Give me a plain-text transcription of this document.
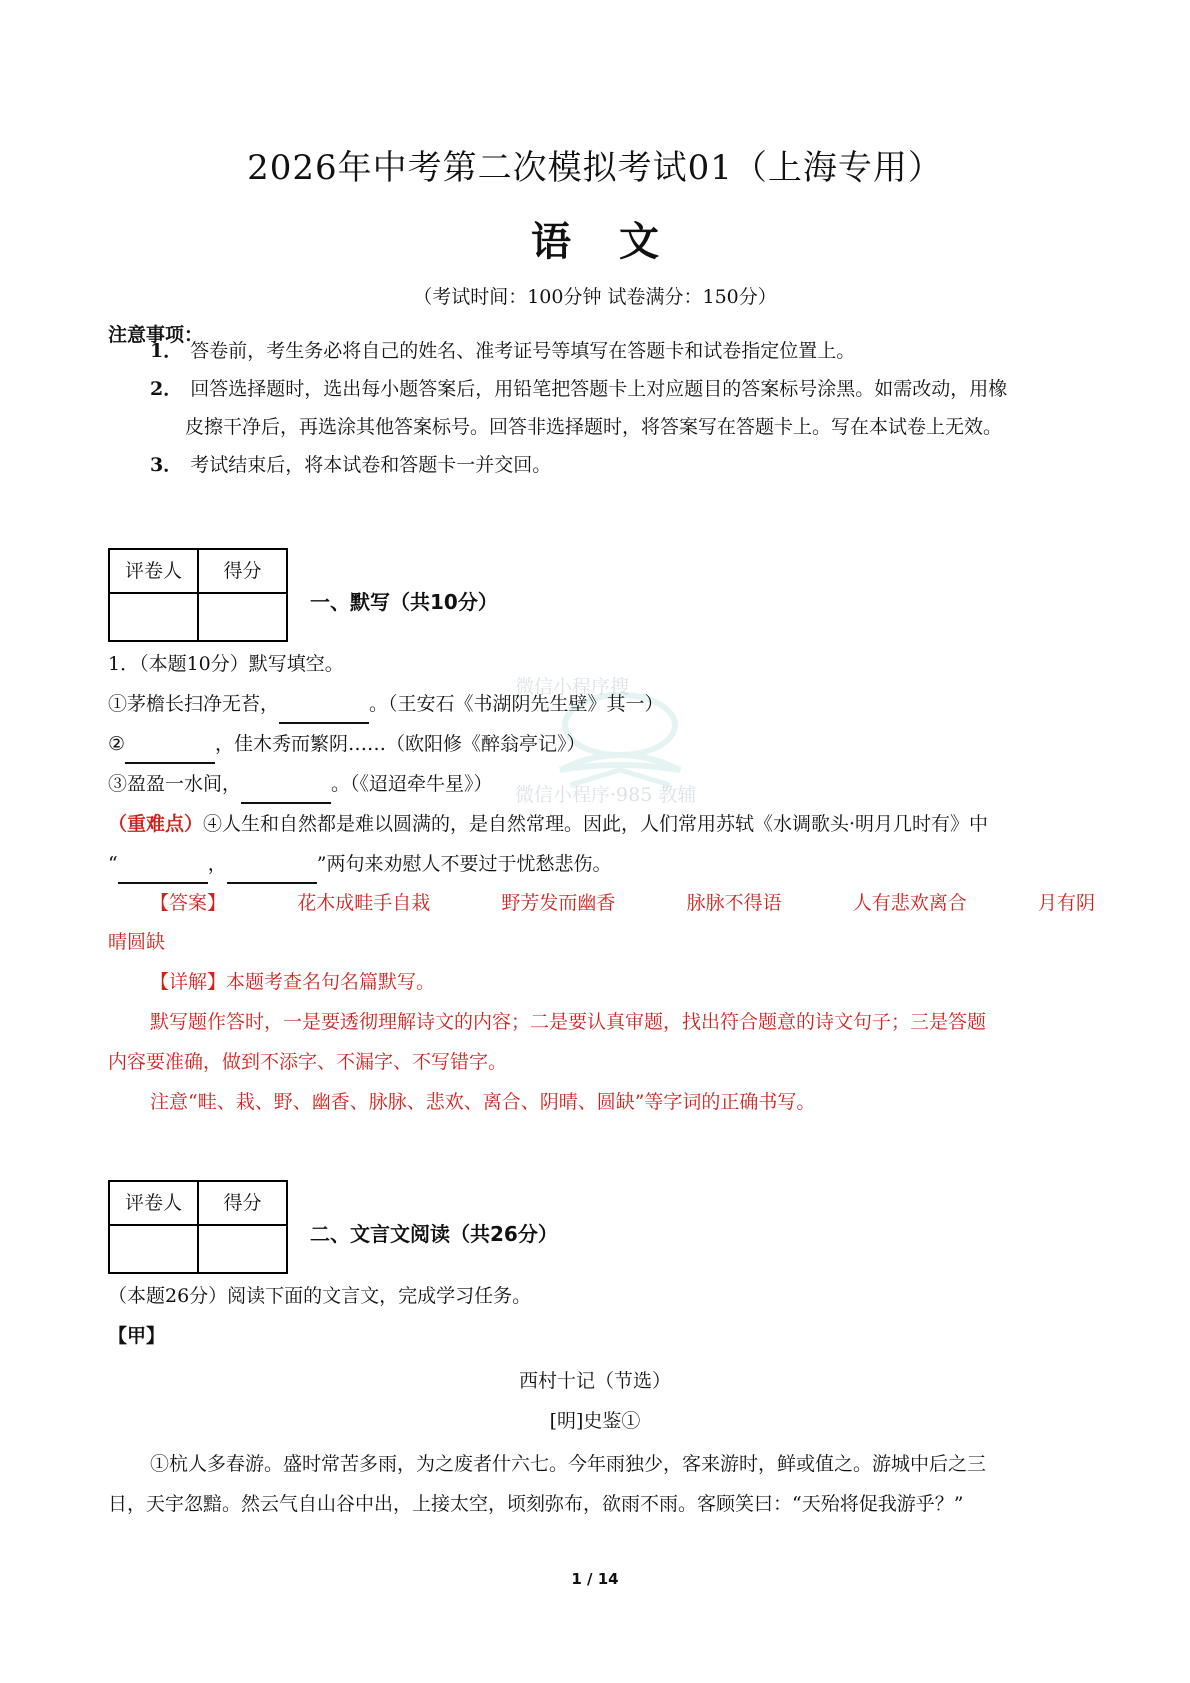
微信小程序搜
微信小程序·985 教辅
2026年中考第二次模拟考试01（上海专用）
语 文
（考试时间：100分钟 试卷满分：150分）
注意事项：
1． 答卷前，考生务必将自己的姓名、准考证号等填写在答题卡和试卷指定位置上。
2． 回答选择题时，选出每小题答案后，用铅笔把答题卡上对应题目的答案标号涂黑。如需改动，用橡
皮擦干净后，再选涂其他答案标号。回答非选择题时，将答案写在答题卡上。写在本试卷上无效。
3． 考试结束后，将本试卷和答题卡一并交回。
评卷人	得分
一、默写（共10分）
1．（本题10分）默写填空。
①茅檐长扫净无苔，	。（王安石《书湖阴先生壁》其一）
②	，佳木秀而繁阴……（欧阳修《醉翁亭记》）
③盈盈一水间，	。（《迢迢牵牛星》）
（重难点）④人生和自然都是难以圆满的，是自然常理。因此，人们常用苏轼《水调歌头·明月几时有》中
“	，	”两句来劝慰人不要过于忧愁悲伤。
【答案】	花木成畦手自栽	野芳发而幽香	脉脉不得语	人有悲欢离合	月有阴
晴圆缺
【详解】本题考查名句名篇默写。
默写题作答时，一是要透彻理解诗文的内容；二是要认真审题，找出符合题意的诗文句子；三是答题
内容要准确，做到不添字、不漏字、不写错字。
注意“畦、栽、野、幽香、脉脉、悲欢、离合、阴晴、圆缺”等字词的正确书写。
评卷人	得分
二、文言文阅读（共26分）
（本题26分）阅读下面的文言文，完成学习任务。
【甲】
西村十记（节选）
[明]史鉴①
①杭人多春游。盛时常苦多雨，为之废者什六七。今年雨独少，客来游时，鲜或值之。游城中后之三
日，天宇忽黯。然云气自山谷中出，上接太空，顷刻弥布，欲雨不雨。客顾笑曰：“天殆将促我游乎？”
1 / 14
